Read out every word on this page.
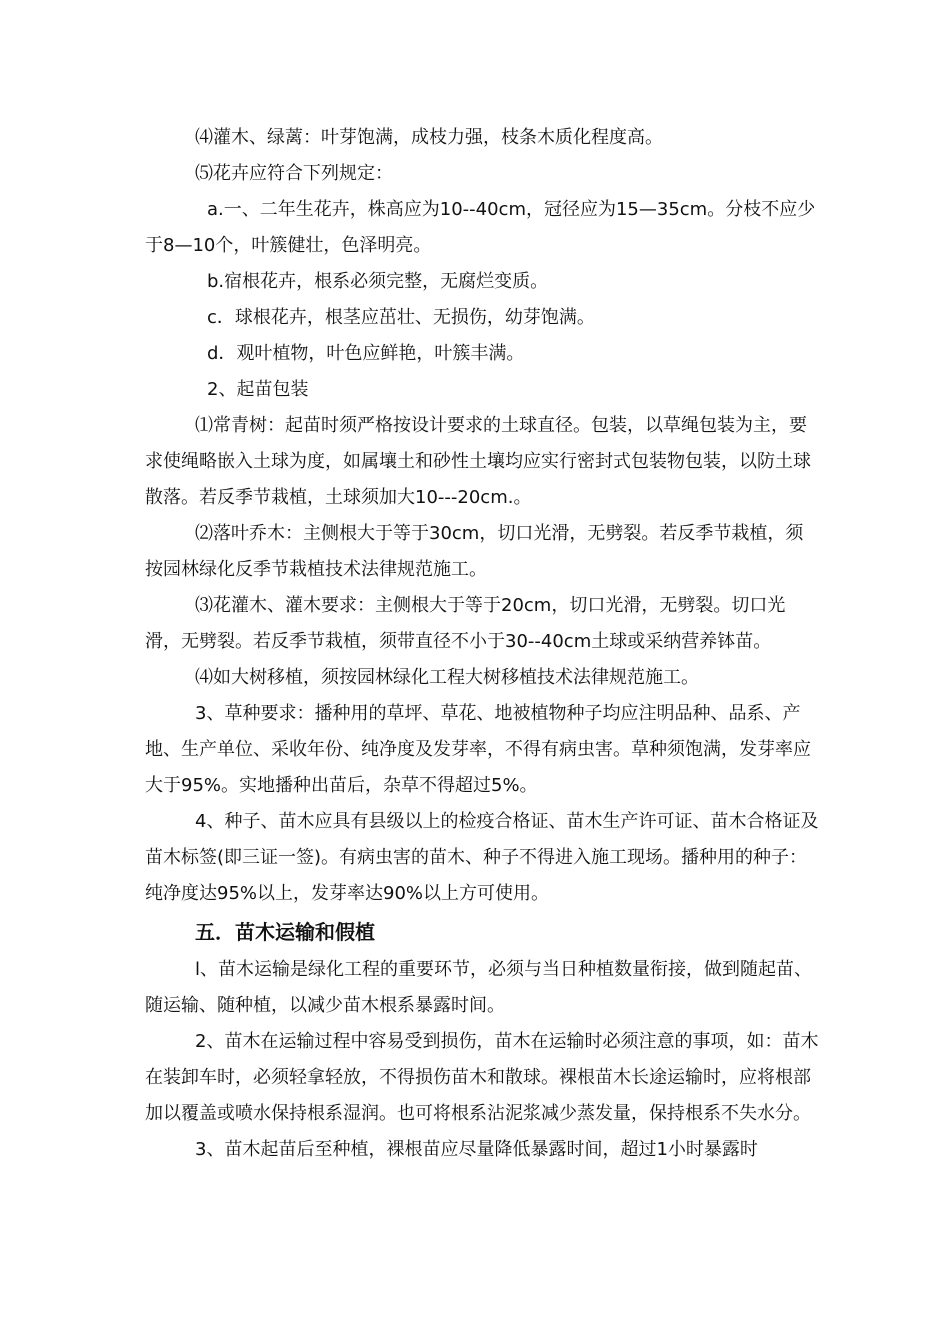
⑷灌木、绿蓠：叶芽饱满，成枝力强，枝条木质化程度高。

⑸花卉应符合下列规定：

a.一、二年生花卉，株高应为10--40cm，冠径应为15—35cm。分枝不应少于8—10个，叶簇健壮，色泽明亮。

b.宿根花卉，根系必须完整，无腐烂变质。

c．球根花卉，根茎应茁壮、无损伤，幼芽饱满。

d．观叶植物，叶色应鲜艳，叶簇丰满。

2、起苗包装

⑴常青树：起苗时须严格按设计要求的土球直径。包装，以草绳包装为主，要求使绳略嵌入土球为度，如属壤土和砂性土壤均应实行密封式包装物包装，以防土球散落。若反季节栽植，土球须加大10---20cm.。

⑵落叶乔木：主侧根大于等于30cm，切口光滑，无劈裂。若反季节栽植，须按园林绿化反季节栽植技术法律规范施工。

⑶花灌木、灌木要求：主侧根大于等于20cm，切口光滑，无劈裂。切口光滑，无劈裂。若反季节栽植，须带直径不小于30--40cm土球或采纳营养钵苗。

⑷如大树移植，须按园林绿化工程大树移植技术法律规范施工。

3、草种要求：播种用的草坪、草花、地被植物种子均应注明品种、品系、产地、生产单位、采收年份、纯净度及发芽率，不得有病虫害。草种须饱满，发芽率应大于95%。实地播种出苗后，杂草不得超过5%。

4、种子、苗木应具有县级以上的检疫合格证、苗木生产许可证、苗木合格证及苗木标签(即三证一签)。有病虫害的苗木、种子不得进入施工现场。播种用的种子：纯净度达95%以上，发芽率达90%以上方可使用。

五．苗木运输和假植

l、苗木运输是绿化工程的重要环节，必须与当日种植数量衔接，做到随起苗、随运输、随种植，以减少苗木根系暴露时间。

2、苗木在运输过程中容易受到损伤，苗木在运输时必须注意的事项，如：苗木在装卸车时，必须轻拿轻放，不得损伤苗木和散球。裸根苗木长途运输时，应将根部加以覆盖或喷水保持根系湿润。也可将根系沾泥浆减少蒸发量，保持根系不失水分。

3、苗木起苗后至种植，裸根苗应尽量降低暴露时间，超过1小时暴露时
